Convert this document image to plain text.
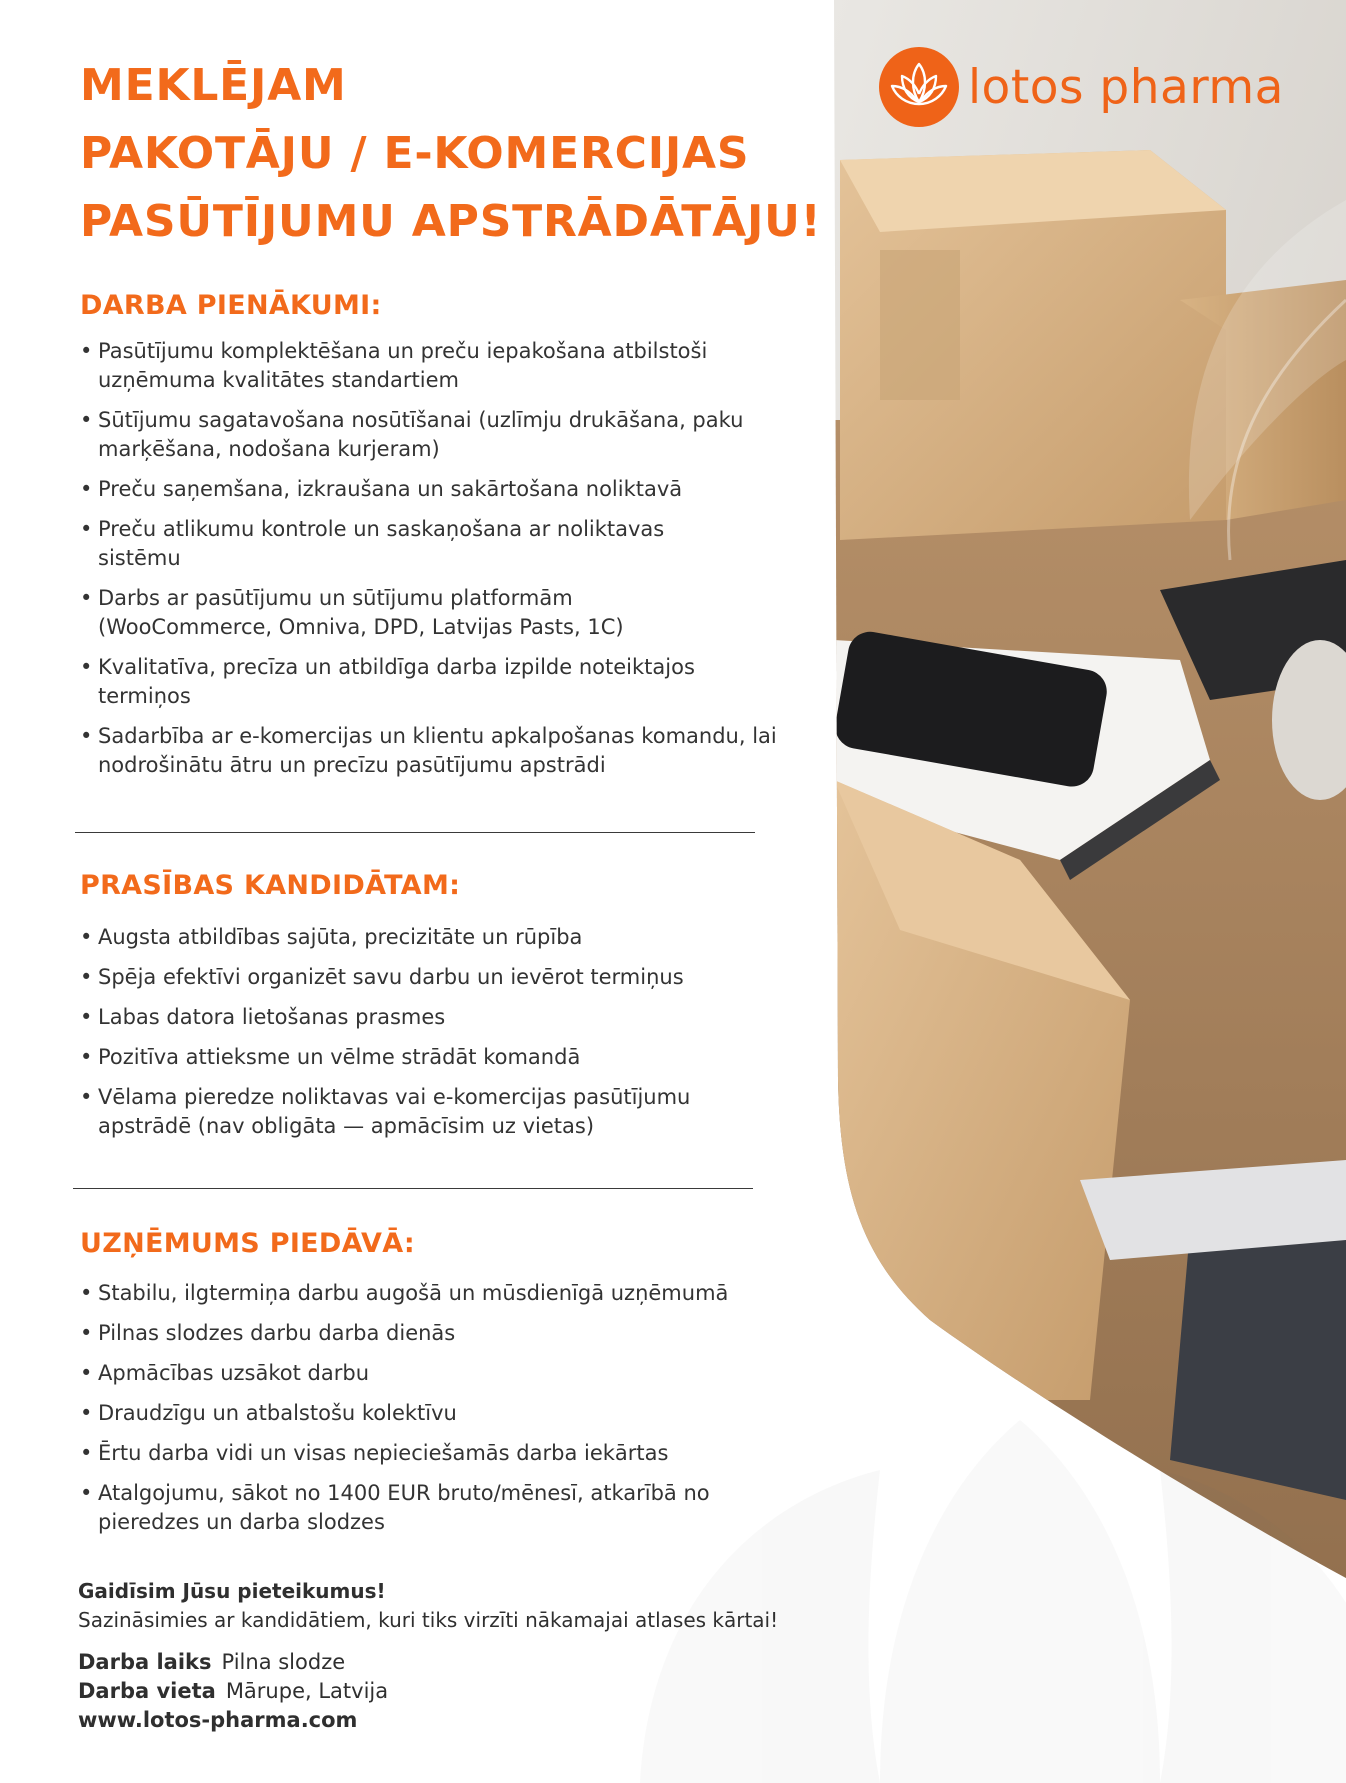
lotos pharma
MEKLĒJAM
PAKOTĀJU / E-KOMERCIJAS
PASŪTĪJUMU APSTRĀDĀTĀJU!
DARBA PIENĀKUMI:
• Pasūtījumu komplektēšana un preču iepakošana atbilstoši uzņēmuma kvalitātes standartiem
• Sūtījumu sagatavošana nosūtīšanai (uzlīmju drukāšana, paku marķēšana, nodošana kurjeram)
• Preču saņemšana, izkraušana un sakārtošana noliktavā
• Preču atlikumu kontrole un saskaņošana ar noliktavas sistēmu
• Darbs ar pasūtījumu un sūtījumu platformām (WooCommerce, Omniva, DPD, Latvijas Pasts, 1C)
• Kvalitatīva, precīza un atbildīga darba izpilde noteiktajos termiņos
• Sadarbība ar e-komercijas un klientu apkalpošanas komandu, lai nodrošinātu ātru un precīzu pasūtījumu apstrādi
PRASĪBAS KANDIDĀTAM:
• Augsta atbildības sajūta, precizitāte un rūpība
• Spēja efektīvi organizēt savu darbu un ievērot termiņus
• Labas datora lietošanas prasmes
• Pozitīva attieksme un vēlme strādāt komandā
• Vēlama pieredze noliktavas vai e-komercijas pasūtījumu apstrādē (nav obligāta — apmācīsim uz vietas)
UZŅĒMUMS PIEDĀVĀ:
• Stabilu, ilgtermiņa darbu augošā un mūsdienīgā uzņēmumā
• Pilnas slodzes darbu darba dienās
• Apmācības uzsākot darbu
• Draudzīgu un atbalstošu kolektīvu
• Ērtu darba vidi un visas nepieciešamās darba iekārtas
• Atalgojumu, sākot no 1400 EUR bruto/mēnesī, atkarībā no pieredzes un darba slodzes
Gaidīsim Jūsu pieteikumus!
Sazināsimies ar kandidātiem, kuri tiks virzīti nākamajai atlases kārtai!
Darba laiks Pilna slodze
Darba vieta Mārupe, Latvija
www.lotos-pharma.com
